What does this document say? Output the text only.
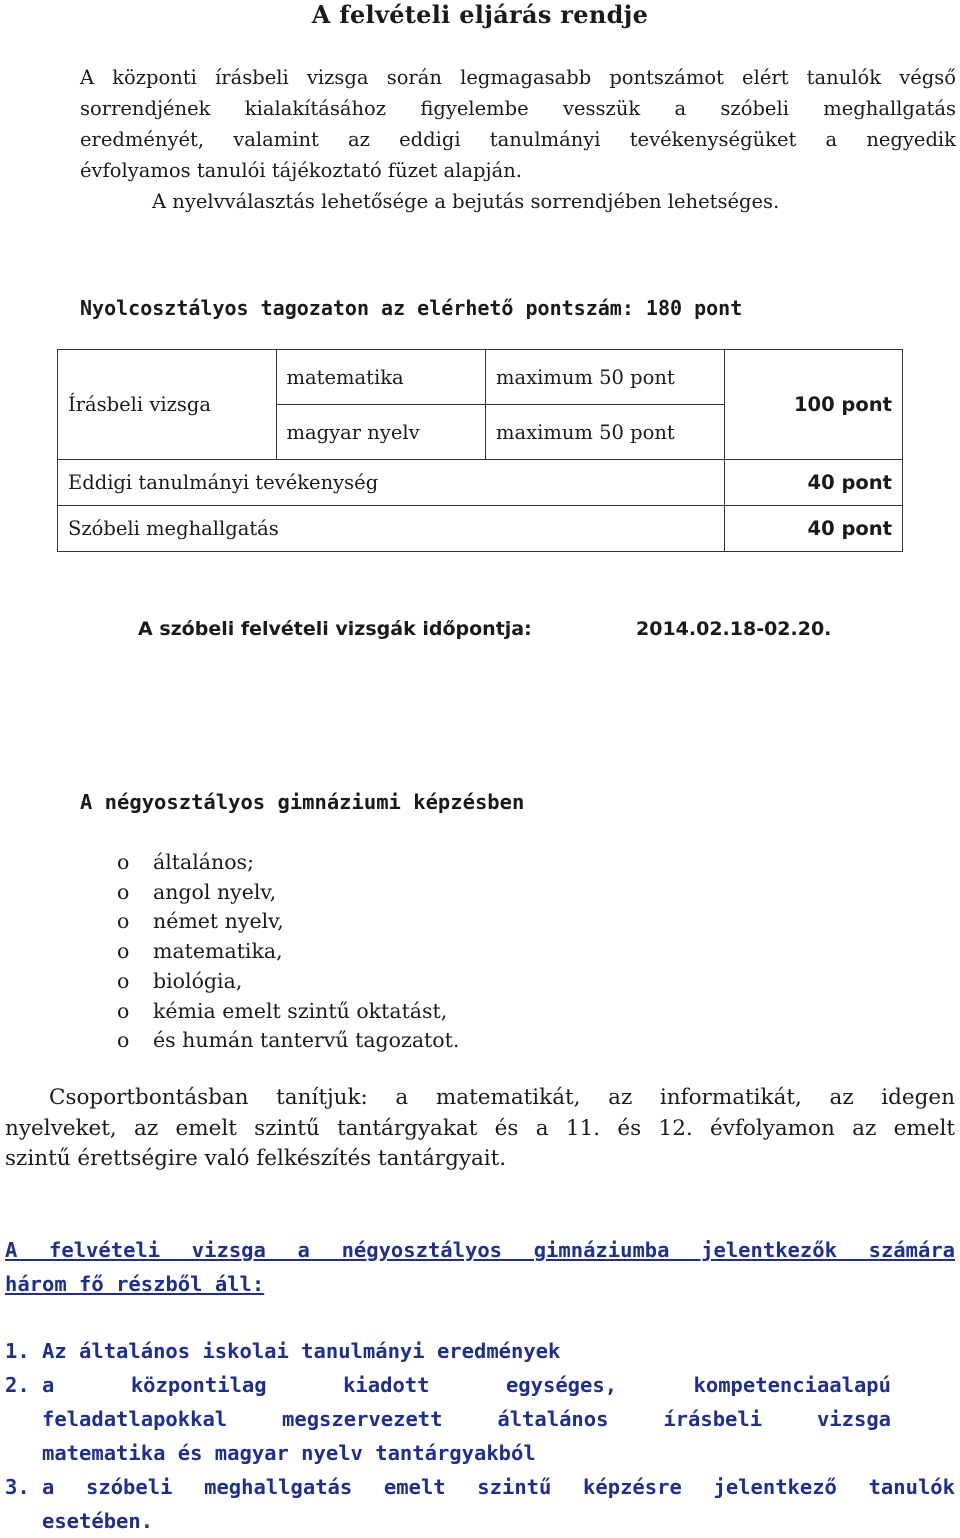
A felvételi eljárás rendje
A központi írásbeli vizsga során legmagasabb pontszámot elért tanulók végső
sorrendjének kialakításához figyelembe vesszük a szóbeli meghallgatás
eredményét, valamint az eddigi tanulmányi tevékenységüket a negyedik
évfolyamos tanulói tájékoztató füzet alapján.
A nyelvválasztás lehetősége a bejutás sorrendjében lehetséges.
Nyolcosztályos tagozaton az elérhető pontszám: 180 pont
Írásbeli vizsga	matematika	maximum 50 pont	100 pont
	magyar nyelv	maximum 50 pont	
Eddigi tanulmányi tevékenység			40 pont
Szóbeli meghallgatás			40 pont
A szóbeli felvételi vizsgák időpontja:	2014.02.18-02.20.
A négyosztályos gimnáziumi képzésben
o	általános;
o	angol nyelv,
o	német nyelv,
o	matematika,
o	biológia,
o	kémia emelt szintű oktatást,
o	és humán tantervű tagozatot.
Csoportbontásban tanítjuk: a matematikát, az informatikát, az idegen
nyelveket, az emelt szintű tantárgyakat és a 11. és 12. évfolyamon az emelt
szintű érettségire való felkészítés tantárgyait.
A felvételi vizsga a négyosztályos gimnáziumba jelentkezők számára
három fő részből áll:
1. Az általános iskolai tanulmányi eredmények
2. a központilag kiadott egységes, kompetenciaalapú
feladatlapokkal megszervezett általános írásbeli vizsga
matematika és magyar nyelv tantárgyakból
3. a szóbeli meghallgatás emelt szintű képzésre jelentkező tanulók
esetében.
